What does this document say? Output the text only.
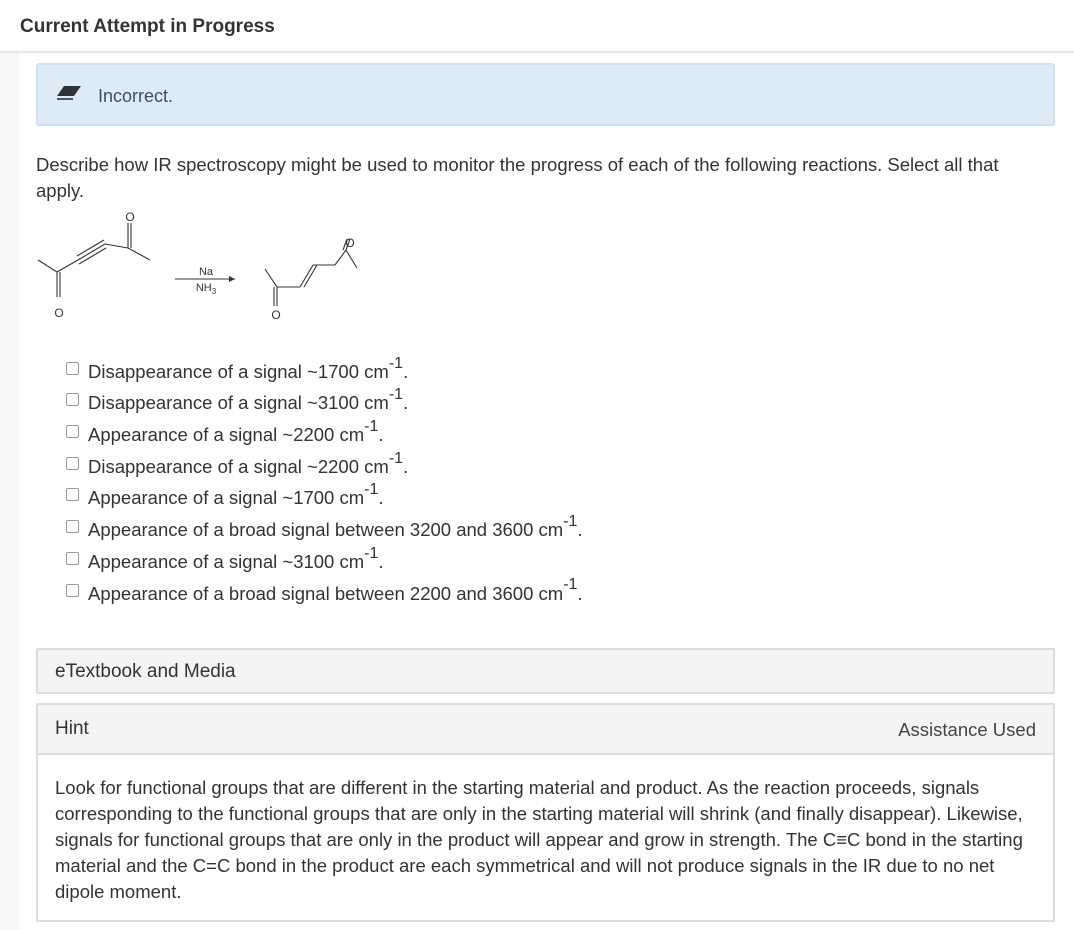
Current Attempt in Progress
Incorrect.
Describe how IR spectroscopy might be used to monitor the progress of each of the following reactions. Select all that apply.
O
O
O
O
Na
$NH_3$
Disappearance of a signal ~1700 $cm^{-1}$.
Disappearance of a signal ~3100 $cm^{-1}$.
Appearance of a signal ~2200 $cm^{-1}$.
Disappearance of a signal ~2200 $cm^{-1}$.
Appearance of a signal ~1700 $cm^{-1}$.
Appearance of a broad signal between 3200 and 3600 $cm^{-1}$.
Appearance of a signal ~3100 $cm^{-1}$.
Appearance of a broad signal between 2200 and 3600 $cm^{-1}$.
eTextbook and Media
Hint	Assistance Used
Look for functional groups that are different in the starting material and product. As the reaction proceeds, signals corresponding to the functional groups that are only in the starting material will shrink (and finally disappear). Likewise, signals for functional groups that are only in the product will appear and grow in strength. The C≡C bond in the starting material and the C=C bond in the product are each symmetrical and will not produce signals in the IR due to no net dipole moment.
